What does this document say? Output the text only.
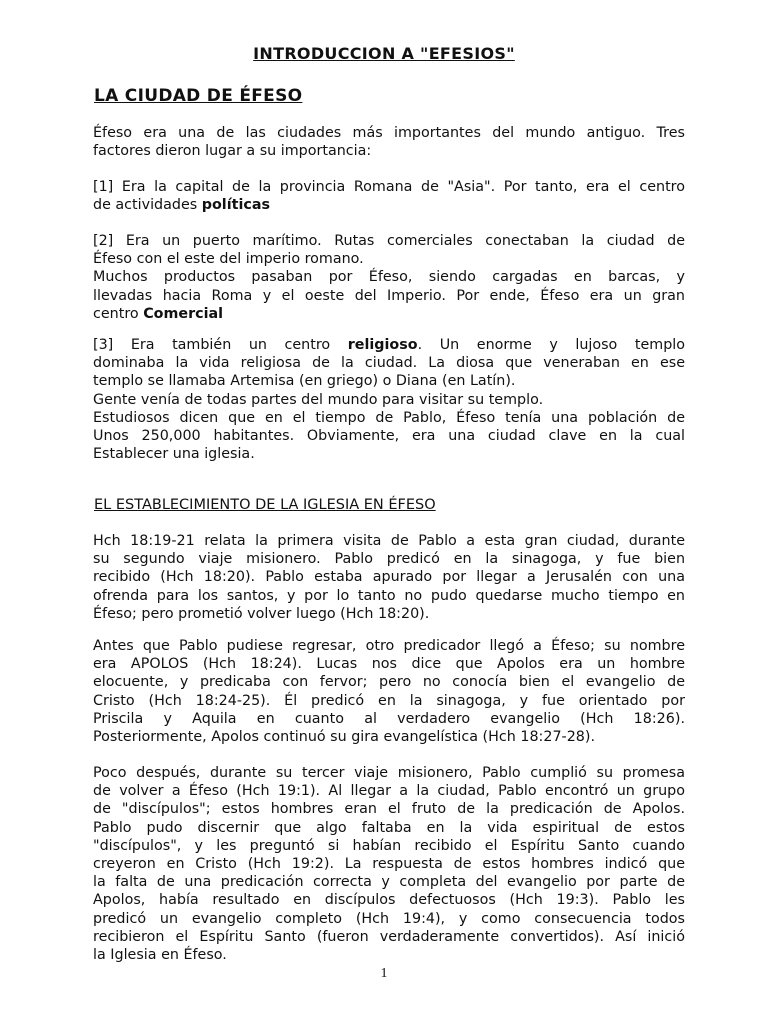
INTRODUCCION A "EFESIOS"
LA CIUDAD DE ÉFESO

Éfeso era una de las ciudades más importantes del mundo antiguo. Tres
factores dieron lugar a su importancia:

[1] Era la capital de la provincia Romana de "Asia". Por tanto, era el centro
de actividades políticas

[2] Era un puerto marítimo. Rutas comerciales conectaban la ciudad de
Éfeso con el este del imperio romano.
Muchos productos pasaban por Éfeso, siendo cargadas en barcas, y
llevadas hacia Roma y el oeste del Imperio. Por ende, Éfeso era un gran
centro Comercial

[3] Era también un centro religioso. Un enorme y lujoso templo
dominaba la vida religiosa de la ciudad. La diosa que veneraban en ese
templo se llamaba Artemisa (en griego) o Diana (en Latín).
Gente venía de todas partes del mundo para visitar su templo.
Estudiosos dicen que en el tiempo de Pablo, Éfeso tenía una población de
Unos 250,000 habitantes. Obviamente, era una ciudad clave en la cual
Establecer una iglesia.

EL ESTABLECIMIENTO DE LA IGLESIA EN ÉFESO

Hch 18:19-21 relata la primera visita de Pablo a esta gran ciudad, durante
su segundo viaje misionero. Pablo predicó en la sinagoga, y fue bien
recibido (Hch 18:20). Pablo estaba apurado por llegar a Jerusalén con una
ofrenda para los santos, y por lo tanto no pudo quedarse mucho tiempo en
Éfeso; pero prometió volver luego (Hch 18:20).

Antes que Pablo pudiese regresar, otro predicador llegó a Éfeso; su nombre
era APOLOS (Hch 18:24). Lucas nos dice que Apolos era un hombre
elocuente, y predicaba con fervor; pero no conocía bien el evangelio de
Cristo (Hch 18:24-25). Él predicó en la sinagoga, y fue orientado por
Priscila y Aquila en cuanto al verdadero evangelio (Hch 18:26).
Posteriormente, Apolos continuó su gira evangelística (Hch 18:27-28).

Poco después, durante su tercer viaje misionero, Pablo cumplió su promesa
de volver a Éfeso (Hch 19:1). Al llegar a la ciudad, Pablo encontró un grupo
de "discípulos"; estos hombres eran el fruto de la predicación de Apolos.
Pablo pudo discernir que algo faltaba en la vida espiritual de estos
"discípulos", y les preguntó si habían recibido el Espíritu Santo cuando
creyeron en Cristo (Hch 19:2). La respuesta de estos hombres indicó que
la falta de una predicación correcta y completa del evangelio por parte de
Apolos, había resultado en discípulos defectuosos (Hch 19:3). Pablo les
predicó un evangelio completo (Hch 19:4), y como consecuencia todos
recibieron el Espíritu Santo (fueron verdaderamente convertidos). Así inició
la Iglesia en Éfeso.

1
